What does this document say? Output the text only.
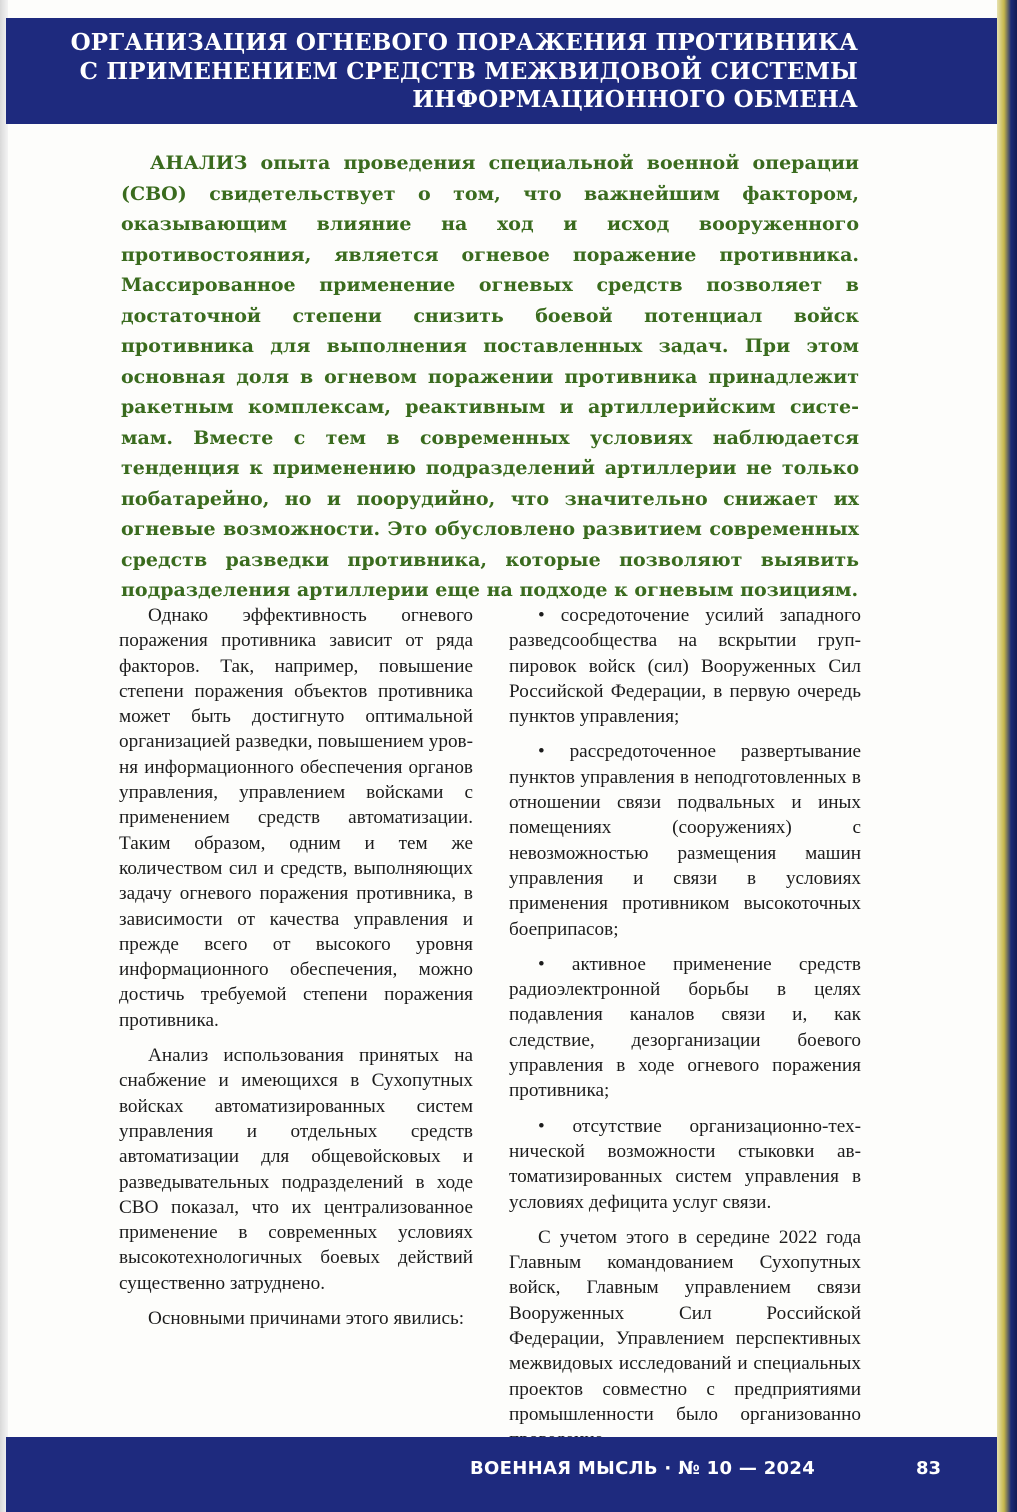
ОРГАНИЗАЦИЯ ОГНЕВОГО ПОРАЖЕНИЯ ПРОТИВНИКА
С ПРИМЕНЕНИЕМ СРЕДСТВ МЕЖВИДОВОЙ СИСТЕМЫ
ИНФОРМАЦИОННОГО ОБМЕНА

АНАЛИЗ опыта проведения специальной военной операции (СВО) свидетельствует о том, что важнейшим фактором, оказывающим влияние на ход и исход вооруженного противостояния, является огневое поражение противника. Массированное применение огневых средств позволяет в достаточной степени снизить боевой потенциал войск противника для выполнения поставленных задач. При этом основная доля в огневом поражении противника принадлежит ракетным комплексам, реактивным и артиллерийским системам. Вместе с тем в современных условиях наблюдается тенденция к применению подразделений артиллерии не только побатарейно, но и поорудийно, что значительно снижает их огневые возможности. Это обусловлено развитием современных средств разведки противника, которые позволяют выявить подразделения артиллерии еще на подходе к огневым позициям.

Однако эффективность огневого поражения противника зависит от ряда факторов. Так, например, повышение степени поражения объектов противника может быть достигнуто оптимальной организацией разведки, повышением уровня информационного обеспечения органов управления, управлением войсками с применением средств автоматизации. Таким образом, одним и тем же количеством сил и средств, выполняющих задачу огневого поражения противника, в зависимости от качества управления и прежде всего от высокого уровня информационного обеспечения, можно достичь требуемой степени поражения противника.

Анализ использования принятых на снабжение и имеющихся в Сухопутных войсках автоматизированных систем управления и отдельных средств автоматизации для общевойсковых и разведывательных подразделений в ходе СВО показал, что их централизованное применение в современных условиях высокотехнологичных боевых действий существенно затруднено.

Основными причинами этого явились:

• сосредоточение усилий западного разведсообщества на вскрытии группировок войск (сил) Вооруженных Сил Российской Федерации, в первую очередь пунктов управления;

• рассредоточенное развертывание пунктов управления в неподготовленных в отношении связи подвальных и иных помещениях (сооружениях) с невозможностью размещения машин управления и связи в условиях применения противником высокоточных боеприпасов;

• активное применение средств радиоэлектронной борьбы в целях подавления каналов связи и, как следствие, дезорганизации боевого управления в ходе огневого поражения противника;

• отсутствие организационно-технической возможности стыковки автоматизированных систем управления в условиях дефицита услуг связи.

С учетом этого в середине 2022 года Главным командованием Сухопутных войск, Главным управлением связи Вооруженных Сил Российской Федерации, Управлением перспективных межвидовых исследований и специальных проектов совместно с предприятиями промышленности было организованно

ВОЕННАЯ МЫСЛЬ · № 10 — 2024	83
